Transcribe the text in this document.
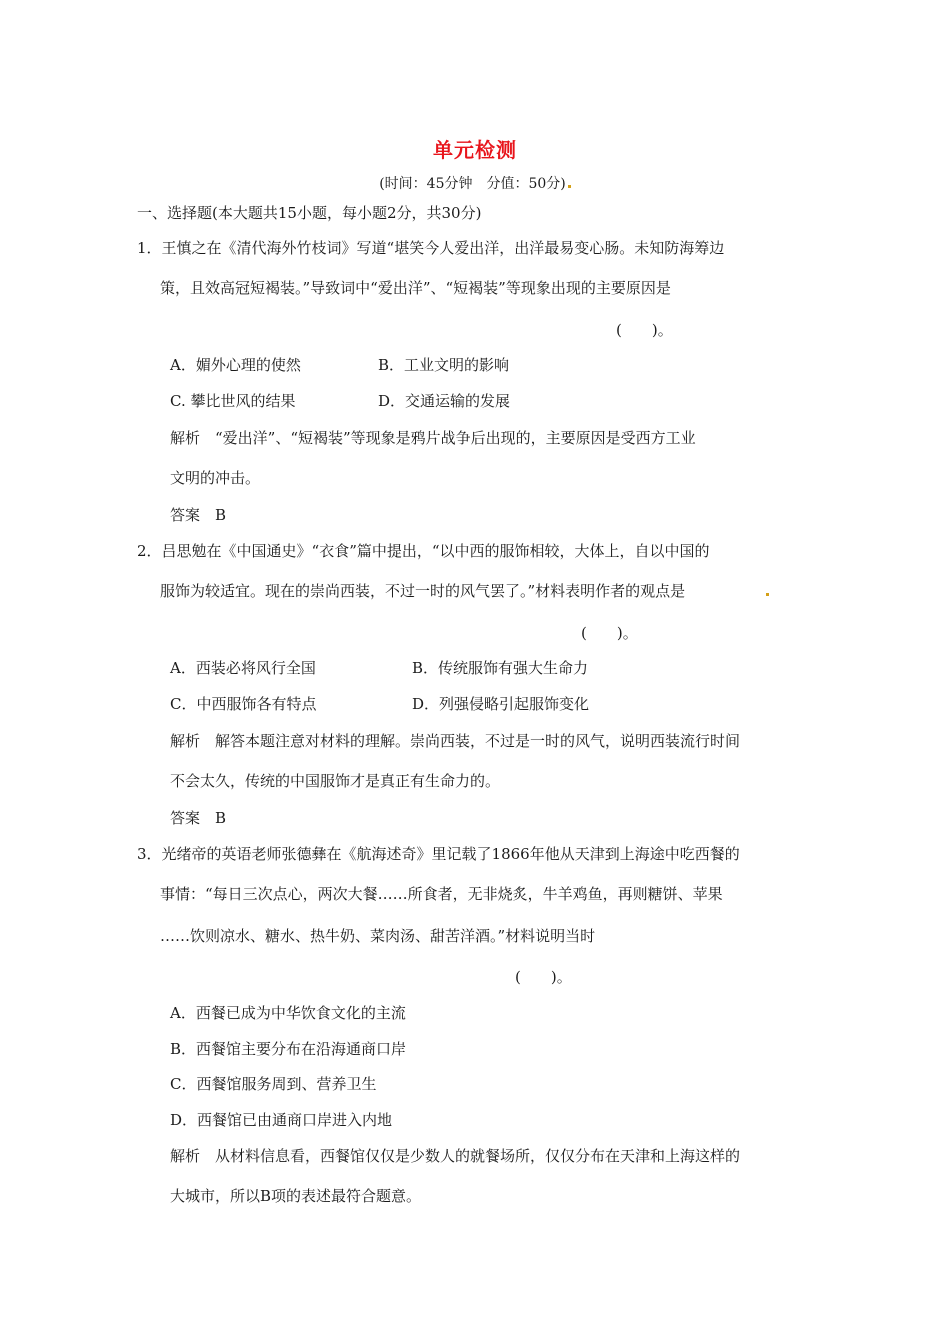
单元检测
(时间：45分钟　分值：50分)
一、选择题(本大题共15小题，每小题2分，共30分)
1．王慎之在《清代海外竹枝词》写道“堪笑今人爱出洋，出洋最易变心肠。未知防海筹边
策，且效高冠短褐装。”导致词中“爱出洋”、“短褐装”等现象出现的主要原因是
(　　)。
A．媚外心理的使然	B．工业文明的影响
C. 攀比世风的结果	D．交通运输的发展
解析　“爱出洋”、“短褐装”等现象是鸦片战争后出现的，主要原因是受西方工业
文明的冲击。
答案　B
2．吕思勉在《中国通史》“衣食”篇中提出，“以中西的服饰相较，大体上，自以中国的
服饰为较适宜。现在的崇尚西装，不过一时的风气罢了。”材料表明作者的观点是
(　　)。
A．西装必将风行全国	B．传统服饰有强大生命力
C．中西服饰各有特点	D．列强侵略引起服饰变化
解析　解答本题注意对材料的理解。崇尚西装，不过是一时的风气，说明西装流行时间
不会太久，传统的中国服饰才是真正有生命力的。
答案　B
3．光绪帝的英语老师张德彝在《航海述奇》里记载了1866年他从天津到上海途中吃西餐的
事情：“每日三次点心，两次大餐……所食者，无非烧炙，牛羊鸡鱼，再则糖饼、苹果
……饮则凉水、糖水、热牛奶、菜肉汤、甜苦洋酒。”材料说明当时
(　　)。
A．西餐已成为中华饮食文化的主流
B．西餐馆主要分布在沿海通商口岸
C．西餐馆服务周到、营养卫生
D．西餐馆已由通商口岸进入内地
解析　从材料信息看，西餐馆仅仅是少数人的就餐场所，仅仅分布在天津和上海这样的
大城市，所以B项的表述最符合题意。
